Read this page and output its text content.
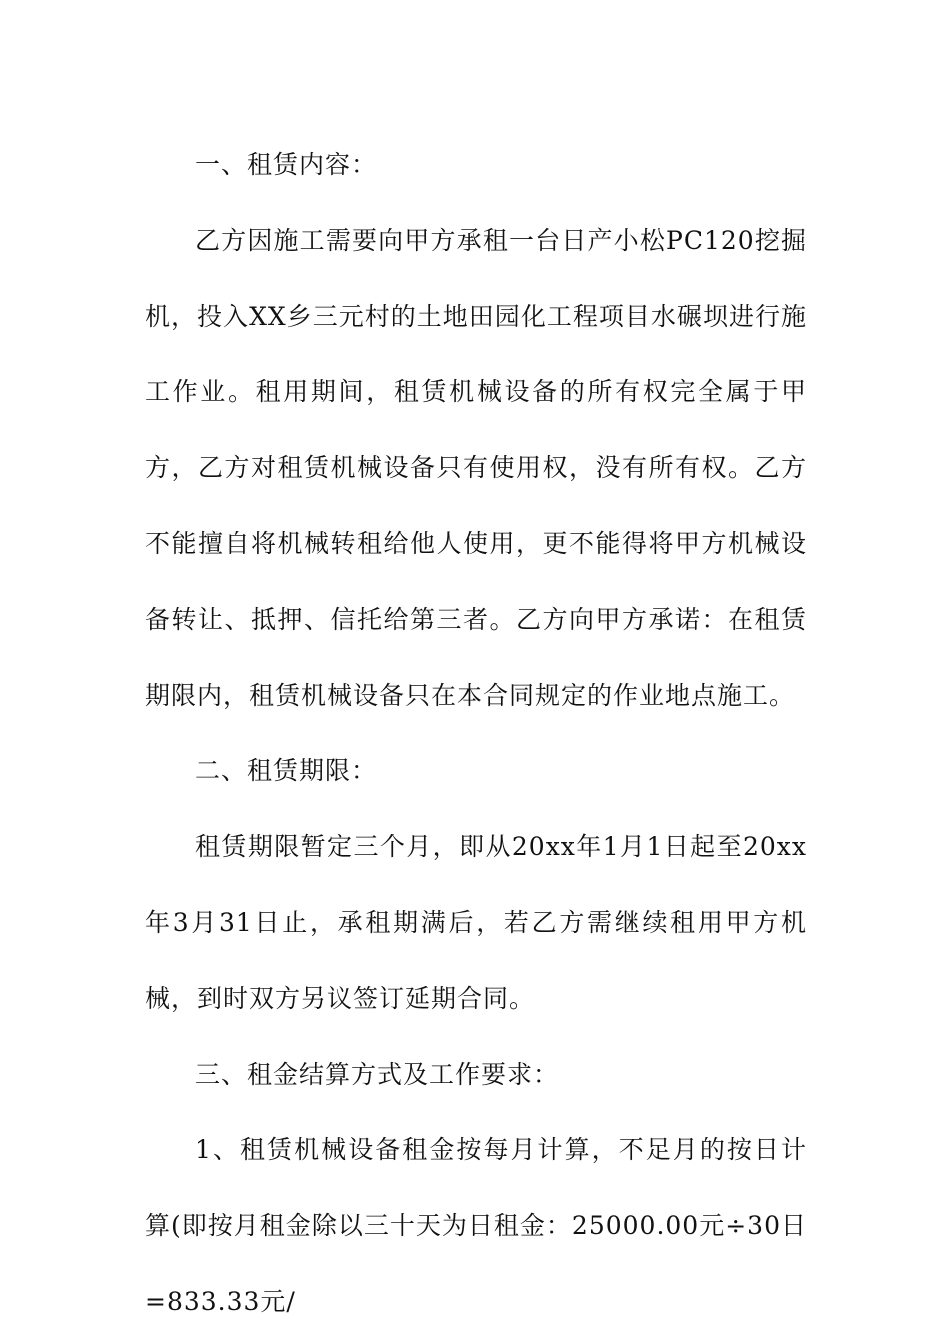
一、租赁内容：

乙方因施工需要向甲方承租一台日产小松PC120挖掘机，投入XX乡三元村的土地田园化工程项目水碾坝进行施工作业。租用期间，租赁机械设备的所有权完全属于甲方，乙方对租赁机械设备只有使用权，没有所有权。乙方不能擅自将机械转租给他人使用，更不能得将甲方机械设备转让、抵押、信托给第三者。乙方向甲方承诺：在租赁期限内，租赁机械设备只在本合同规定的作业地点施工。

二、租赁期限：

租赁期限暂定三个月，即从20xx年1月1日起至20xx年3月31日止，承租期满后，若乙方需继续租用甲方机械，到时双方另议签订延期合同。

三、租金结算方式及工作要求：

1、租赁机械设备租金按每月计算，不足月的按日计算(即按月租金除以三十天为日租金：25000.00元÷30日=833.33元/
